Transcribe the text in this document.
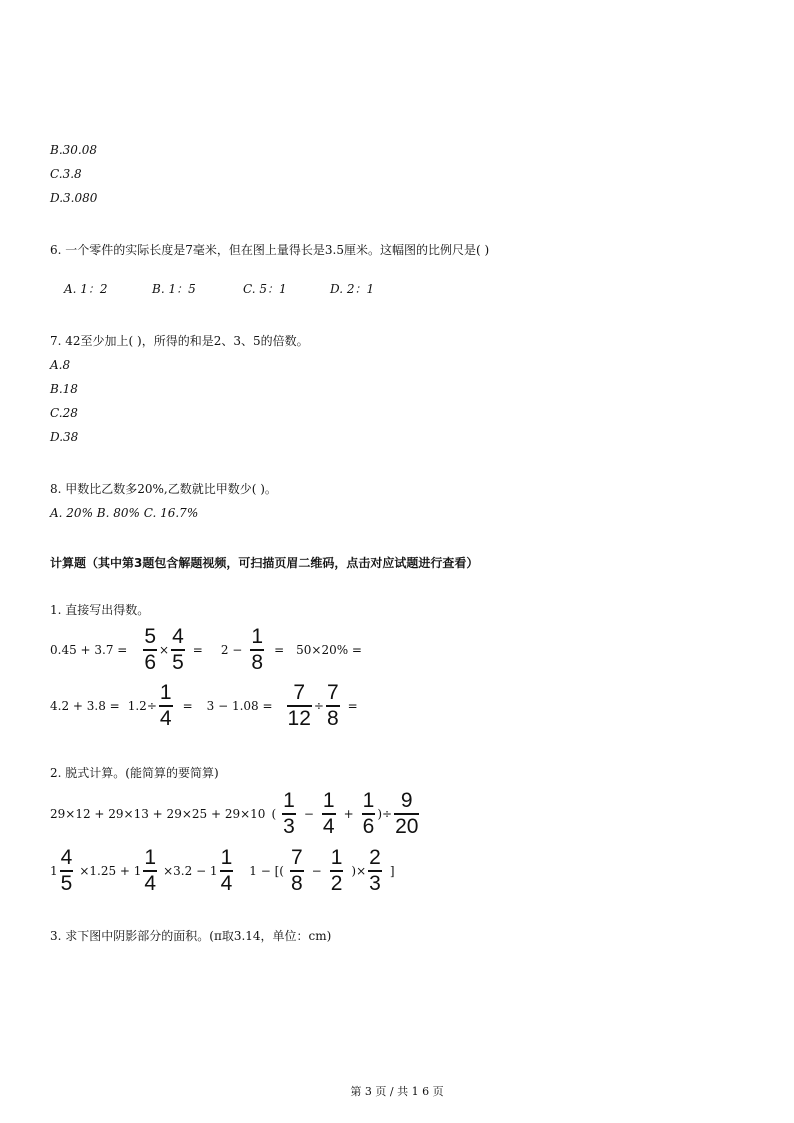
B.30.08
C.3.8
D.3.080
6. 一个零件的实际长度是7毫米，但在图上量得长是3.5厘米。这幅图的比例尺是( )
A. 1：2	B. 1：5	C. 5：1	D. 2：1
7. 42至少加上( )，所得的和是2、3、5的倍数。
A.8
B.18
C.28
D.38
8. 甲数比乙数多20%,乙数就比甲数少( )。
A. 20% B. 80% C. 16.7%
计算题（其中第3题包含解题视频，可扫描页眉二维码，点击对应试题进行查看）
1. 直接写出得数。
$0.45 + 3.7 = \frac{5}{6} \times \frac{4}{5} = 2 - \frac{1}{8} = 50\times 20\%$ =
$4.2 + 3.8 = 1.2\div \frac{1}{4} = 3 - 1.08 = \frac{7}{12} \div \frac{7}{8}$ =
2. 脱式计算。(能简算的要简算)
29×12 + 29×13 + 29×25 + 29×10 ( $\frac{1}{3} - \frac{1}{4} + \frac{1}{6}$ )÷ $\frac{9}{20}$
$1 \frac{4}{5} \times 1.25 + 1 \frac{1}{4} \times 3.2 - 1 \frac{1}{4} 1$ − [( $\frac{7}{8} - \frac{1}{2}$ )× $\frac{2}{3}$ ]
3. 求下图中阴影部分的面积。(π取3.14，单位：cm)
第 3 页 / 共 1 6 页
